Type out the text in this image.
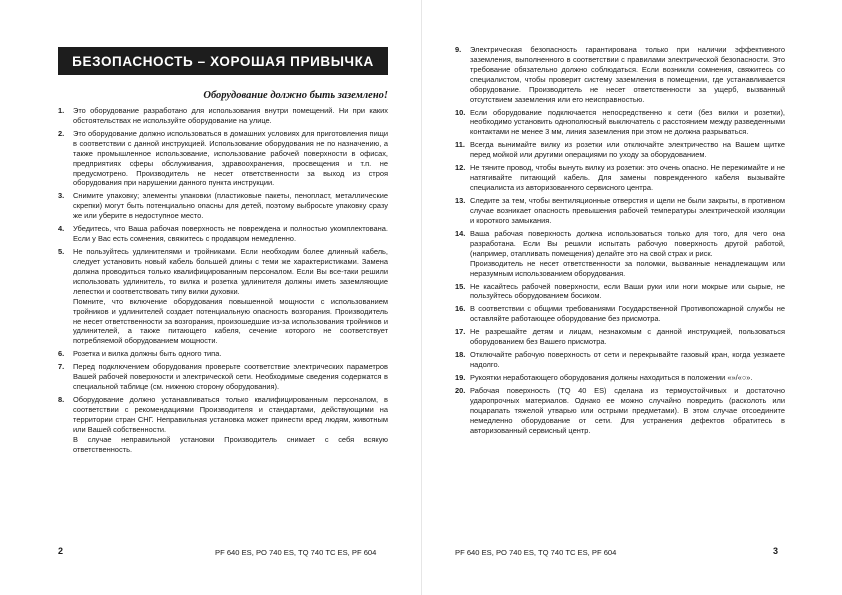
БЕЗОПАСНОСТЬ – ХОРОШАЯ ПРИВЫЧКА
Оборудование должно быть заземлено!
1. Это оборудование разработано для использования внутри помещений. Ни при каких обстоятельствах не используйте оборудование на улице.

2. Это оборудование должно использоваться в домашних условиях для приготовления пищи в соответствии с данной инструкцией. Использование оборудования не по назначению, а также промышленное использование, использование рабочей поверхности в офисах, предприятиях сферы обслуживания, здравоохранения, просвещения и т.п. не предусмотрено. Производитель не несет ответственности за выход из строя оборудования при нарушении данного пункта инструкции.

3. Снимите упаковку; элементы упаковки (пластиковые пакеты, пенопласт, металлические скрепки) могут быть потенциально опасны для детей, поэтому выбросьте упаковку сразу же или уберите в недоступное место.

4. Убедитесь, что Ваша рабочая поверхность не повреждена и полностью укомплектована. Если у Вас есть сомнения, свяжитесь с продавцом немедленно.

5. Не пользуйтесь удлинителями и тройниками. Если необходим более длинный кабель, следует установить новый кабель большей длины с теми же характеристиками. Замена должна проводиться только квалифицированным персоналом. Если Вы все-таки решили использовать удлинитель, то вилка и розетка удлинителя должны иметь заземляющие лепестки и соответствовать типу вилки духовки.

Помните, что включение оборудования повышенной мощности с использованием тройников и удлинителей создает потенциальную опасность возгорания. Производитель не несет ответственности за возгорания, произошедшие из-за использования тройников и удлинителей, а также питающего кабеля, сечение которого не соответствует потребляемой оборудованием мощности.

6. Розетка и вилка должны быть одного типа.

7. Перед подключением оборудования проверьте соответствие электрических параметров Вашей рабочей поверхности и электрической сети. Необходимые сведения содержатся в специальной таблице (см. нижнюю сторону оборудования).

8. Оборудование должно устанавливаться только квалифицированным персоналом, в соответствии с рекомендациями Производителя и стандартами, действующими на территории стран СНГ. Неправильная установка может принести вред людям, животным или Вашей собственности.

В случае неправильной установки Производитель снимает с себя всякую ответственность.

2	PF 640 ES, PO 740 ES, TQ 740 TC ES, PF 604
9. Электрическая безопасность гарантирована только при наличии эффективного заземления, выполненного в соответствии с правилами электрической безопасности. Это требование обязательно должно соблюдаться. Если возникли сомнения, свяжитесь со специалистом, чтобы проверит систему заземления в помещении, где устанавливается оборудование. Производитель не несет ответственности за ущерб, вызванный отсутствием заземления или его неисправностью.

10. Если оборудование подключается непосредственно к сети (без вилки и розетки), необходимо установить однополюсный выключатель с расстоянием между разведенными контактами не менее 3 мм, линия заземления при этом не должна разрываться.

11. Всегда вынимайте вилку из розетки или отключайте электричество на Вашем щитке перед мойкой или другими операциями по уходу за оборудованием.

12. Не тяните провод, чтобы вынуть вилку из розетки: это очень опасно. Не пережимайте и не натягивайте питающий кабель. Для замены поврежденного кабеля вызывайте специалиста из авторизованного сервисного центра.

13. Следите за тем, чтобы вентиляционные отверстия и щели не были закрыты, в противном случае возникает опасность превышения рабочей температуры электрической изоляции и короткого замыкания.

14. Ваша рабочая поверхность должна использоваться только для того, для чего она разработана. Если Вы решили испытать рабочую поверхность другой работой, (например, отапливать помещения) делайте это на свой страх и риск.

Производитель не несет ответственности за поломки, вызванные ненадлежащим или неразумным использованием оборудования.

15. Не касайтесь рабочей поверхности, если Ваши руки или ноги мокрые или сырые, не пользуйтесь оборудованием босиком.

16. В соответствии с общими требованиями Государственной Противопожарной службы не оставляйте работающее оборудование без присмотра.

17. Не разрешайте детям и лицам, незнакомым с данной инструкцией, пользоваться оборудованием без Вашего присмотра.

18. Отключайте рабочую поверхность от сети и перекрывайте газовый кран, когда уезжаете надолго.

19. Рукоятки неработающего оборудования должны находиться в положении «»/«○».

20. Рабочая поверхность (TQ 40 ES) сделана из термоустойчивых и достаточно ударопрочных материалов. Однако ее можно случайно повредить (расколоть или поцарапать тяжелой утварью или острыми предметами). В этом случае отсоедините немедленно оборудование от сети. Для устранения дефектов обратитесь в авторизованный сервисный центр.

PF 640 ES, PO 740 ES, TQ 740 TC ES, PF 604	3
